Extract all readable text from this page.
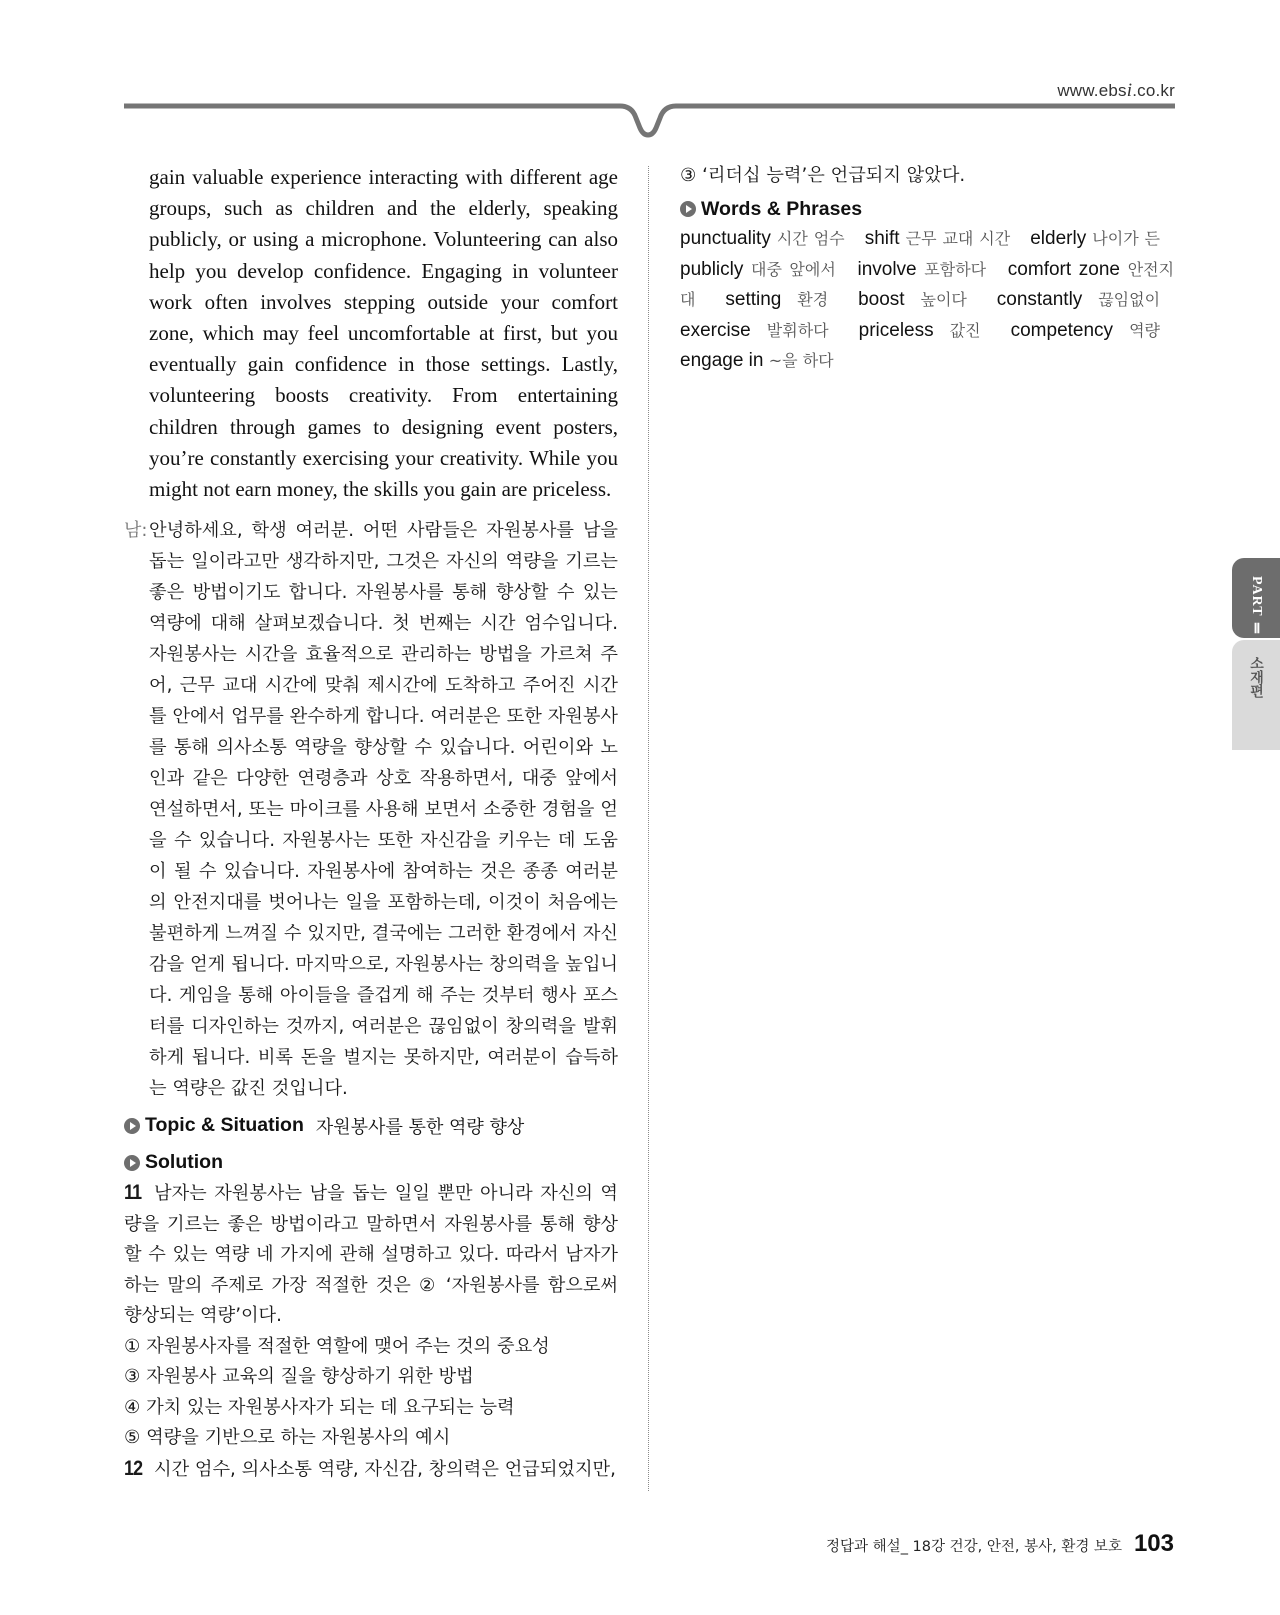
www.ebsi.co.kr

gain valuable experience interacting with different age groups, such as children and the elderly, speaking publicly, or using a microphone. Volunteering can also help you develop confidence. Engaging in volunteer work often involves stepping outside your comfort zone, which may feel uncomfortable at first, but you eventually gain confidence in those settings. Lastly, volunteering boosts creativity. From entertaining children through games to designing event posters, you’re constantly exercising your creativity. While you might not earn money, the skills you gain are priceless.

남: 안녕하세요, 학생 여러분. 어떤 사람들은 자원봉사를 남을 돕는 일이라고만 생각하지만, 그것은 자신의 역량을 기르는 좋은 방법이기도 합니다. 자원봉사를 통해 향상할 수 있는 역량에 대해 살펴보겠습니다. 첫 번째는 시간 엄수입니다. 자원봉사는 시간을 효율적으로 관리하는 방법을 가르쳐 주어, 근무 교대 시간에 맞춰 제시간에 도착하고 주어진 시간 틀 안에서 업무를 완수하게 합니다. 여러분은 또한 자원봉사를 통해 의사소통 역량을 향상할 수 있습니다. 어린이와 노인과 같은 다양한 연령층과 상호 작용하면서, 대중 앞에서 연설하면서, 또는 마이크를 사용해 보면서 소중한 경험을 얻을 수 있습니다. 자원봉사는 또한 자신감을 키우는 데 도움이 될 수 있습니다. 자원봉사에 참여하는 것은 종종 여러분의 안전지대를 벗어나는 일을 포함하는데, 이것이 처음에는 불편하게 느껴질 수 있지만, 결국에는 그러한 환경에서 자신감을 얻게 됩니다. 마지막으로, 자원봉사는 창의력을 높입니다. 게임을 통해 아이들을 즐겁게 해 주는 것부터 행사 포스터를 디자인하는 것까지, 여러분은 끊임없이 창의력을 발휘하게 됩니다. 비록 돈을 벌지는 못하지만, 여러분이 습득하는 역량은 값진 것입니다.
Topic & Situation 자원봉사를 통한 역량 향상
Solution
11 남자는 자원봉사는 남을 돕는 일일 뿐만 아니라 자신의 역량을 기르는 좋은 방법이라고 말하면서 자원봉사를 통해 향상할 수 있는 역량 네 가지에 관해 설명하고 있다. 따라서 남자가 하는 말의 주제로 가장 적절한 것은 ② ‘자원봉사를 함으로써 향상되는 역량’이다.
① 자원봉사자를 적절한 역할에 맺어 주는 것의 중요성
③ 자원봉사 교육의 질을 향상하기 위한 방법
④ 가치 있는 자원봉사자가 되는 데 요구되는 능력
⑤ 역량을 기반으로 하는 자원봉사의 예시
12 시간 엄수, 의사소통 역량, 자신감, 창의력은 언급되었지만,
③ ‘리더십 능력’은 언급되지 않았다.
Words & Phrases
punctuality 시간 엄수 shift 근무 교대 시간 elderly 나이가 든 publicly 대중 앞에서 involve 포함하다 comfort zone 안전지대 setting 환경 boost 높이다 constantly 끊임없이 exercise 발휘하다 priceless 값진 competency 역량 engage in ~을 하다
PART Ⅱ
소재편
정답과 해설_ 18강 건강, 안전, 봉사, 환경 보호 103
